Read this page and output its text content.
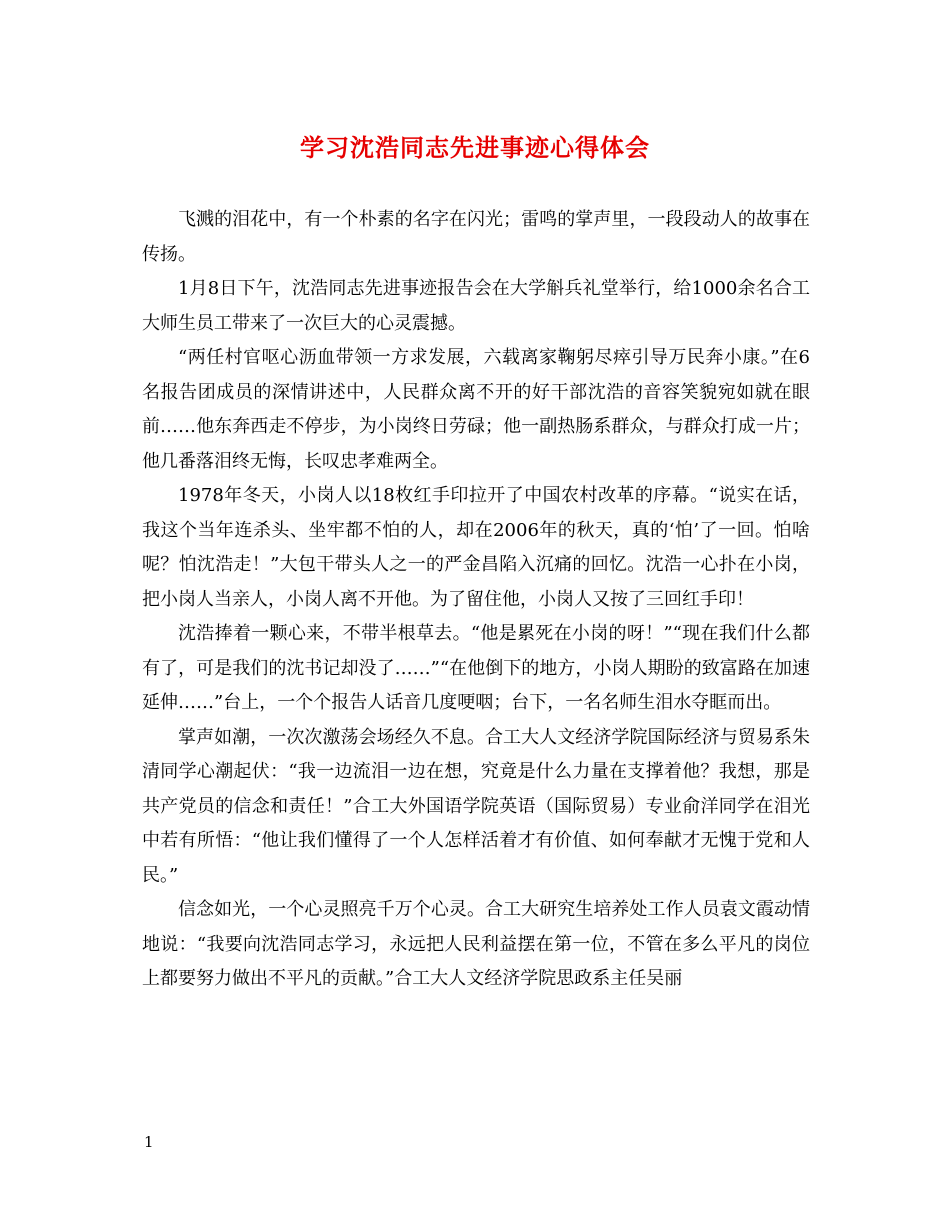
学习沈浩同志先进事迹心得体会

飞溅的泪花中，有一个朴素的名字在闪光；雷鸣的掌声里，一段段动人的故事在传扬。

1月8日下午，沈浩同志先进事迹报告会在大学斛兵礼堂举行，给1000余名合工大师生员工带来了一次巨大的心灵震撼。

“两任村官呕心沥血带领一方求发展，六载离家鞠躬尽瘁引导万民奔小康。”在6名报告团成员的深情讲述中，人民群众离不开的好干部沈浩的音容笑貌宛如就在眼前……他东奔西走不停步，为小岗终日劳碌；他一副热肠系群众，与群众打成一片；他几番落泪终无悔，长叹忠孝难两全。

1978年冬天，小岗人以18枚红手印拉开了中国农村改革的序幕。“说实在话，我这个当年连杀头、坐牢都不怕的人，却在2006年的秋天，真的‘怕’了一回。怕啥呢？怕沈浩走！”大包干带头人之一的严金昌陷入沉痛的回忆。沈浩一心扑在小岗，把小岗人当亲人，小岗人离不开他。为了留住他，小岗人又按了三回红手印！

沈浩捧着一颗心来，不带半根草去。“他是累死在小岗的呀！”“现在我们什么都有了，可是我们的沈书记却没了……”“在他倒下的地方，小岗人期盼的致富路在加速延伸……”台上，一个个报告人话音几度哽咽；台下，一名名师生泪水夺眶而出。

掌声如潮，一次次激荡会场经久不息。合工大人文经济学院国际经济与贸易系朱清同学心潮起伏：“我一边流泪一边在想，究竟是什么力量在支撑着他？我想，那是共产党员的信念和责任！”合工大外国语学院英语（国际贸易）专业俞洋同学在泪光中若有所悟：“他让我们懂得了一个人怎样活着才有价值、如何奉献才无愧于党和人民。”

信念如光，一个心灵照亮千万个心灵。合工大研究生培养处工作人员袁文霞动情地说：“我要向沈浩同志学习，永远把人民利益摆在第一位，不管在多么平凡的岗位上都要努力做出不平凡的贡献。”合工大人文经济学院思政系主任吴丽

1
